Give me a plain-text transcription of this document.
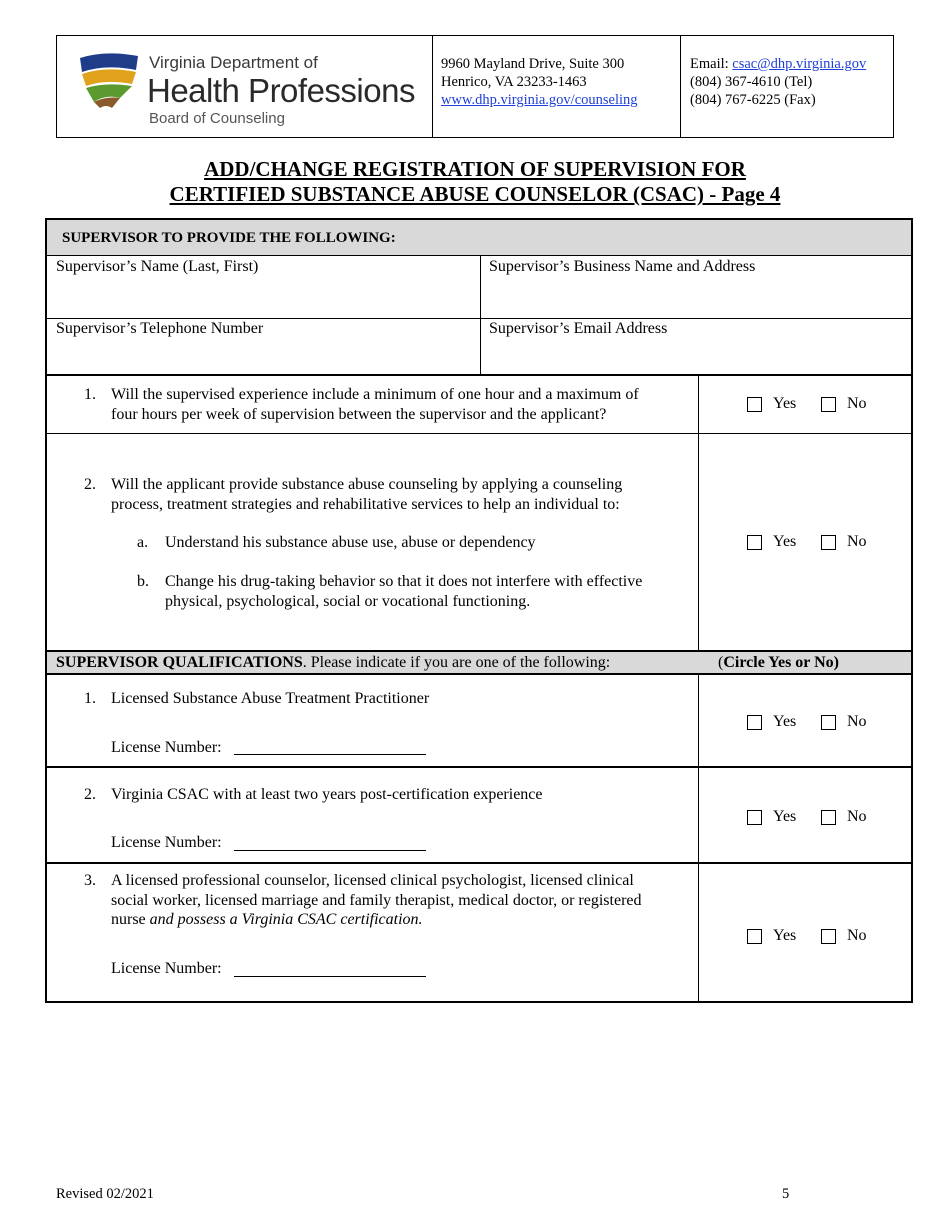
Virginia Department of
Health Professions
Board of Counseling
9960 Mayland Drive, Suite 300
Henrico, VA 23233-1463
www.dhp.virginia.gov/counseling
Email: csac@dhp.virginia.gov
(804) 367-4610 (Tel)
(804) 767-6225 (Fax)
ADD/CHANGE REGISTRATION OF SUPERVISION FOR
CERTIFIED SUBSTANCE ABUSE COUNSELOR (CSAC) - Page 4
SUPERVISOR TO PROVIDE THE FOLLOWING:
Supervisor’s Name (Last, First)	Supervisor’s Business Name and Address
Supervisor’s Telephone Number	Supervisor’s Email Address
1. Will the supervised experience include a minimum of one hour and a maximum of
four hours per week of supervision between the supervisor and the applicant?
Yes	No
2. Will the applicant provide substance abuse counseling by applying a counseling
process, treatment strategies and rehabilitative services to help an individual to:
a. Understand his substance abuse use, abuse or dependency
b. Change his drug-taking behavior so that it does not interfere with effective
physical, psychological, social or vocational functioning.
Yes	No
SUPERVISOR QUALIFICATIONS. Please indicate if you are one of the following:	(Circle Yes or No)
1. Licensed Substance Abuse Treatment Practitioner
License Number:
Yes	No
2. Virginia CSAC with at least two years post-certification experience
License Number:
Yes	No
3. A licensed professional counselor, licensed clinical psychologist, licensed clinical
social worker, licensed marriage and family therapist, medical doctor, or registered
nurse and possess a Virginia CSAC certification.
License Number:
Yes	No
Revised 02/2021	5
